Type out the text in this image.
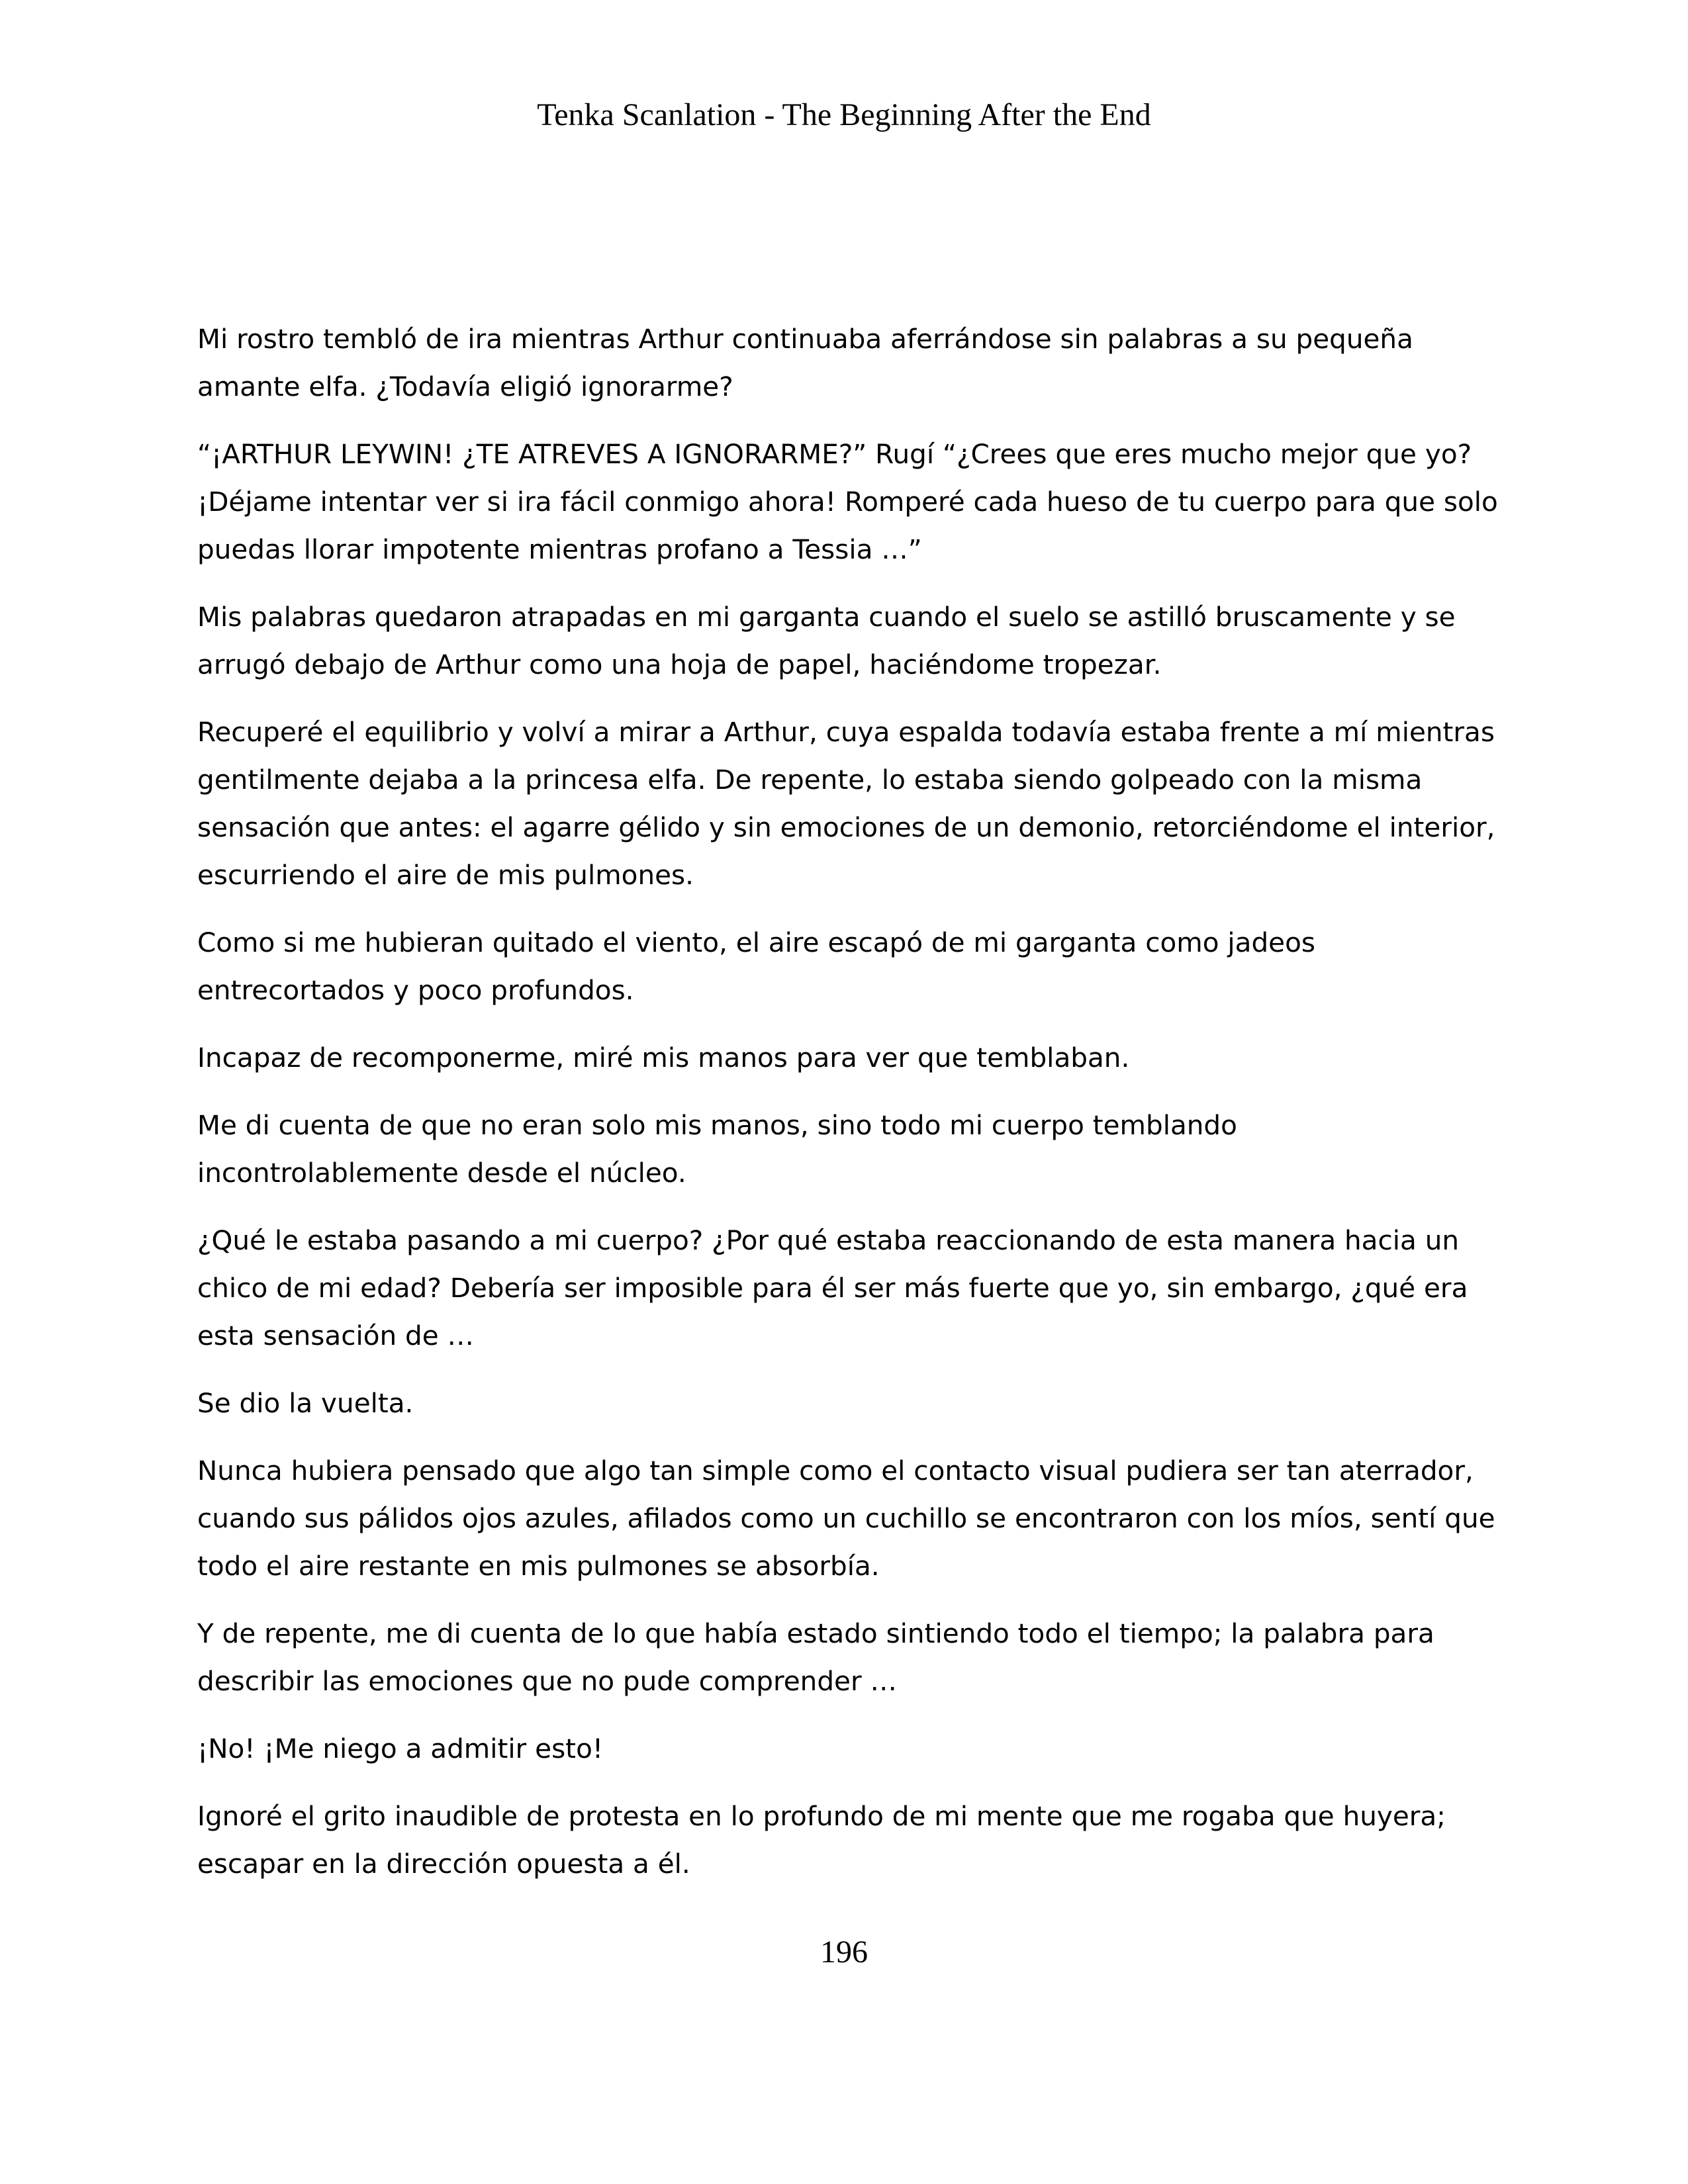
Tenka Scanlation - The Beginning After the End

Mi rostro tembló de ira mientras Arthur continuaba aferrándose sin palabras a su pequeña amante elfa. ¿Todavía eligió ignorarme?

“¡ARTHUR LEYWIN! ¿TE ATREVES A IGNORARME?” Rugí “¿Crees que eres mucho mejor que yo? ¡Déjame intentar ver si ira fácil conmigo ahora! Romperé cada hueso de tu cuerpo para que solo puedas llorar impotente mientras profano a Tessia …”

Mis palabras quedaron atrapadas en mi garganta cuando el suelo se astilló bruscamente y se arrugó debajo de Arthur como una hoja de papel, haciéndome tropezar.

Recuperé el equilibrio y volví a mirar a Arthur, cuya espalda todavía estaba frente a mí mientras gentilmente dejaba a la princesa elfa. De repente, lo estaba siendo golpeado con la misma sensación que antes: el agarre gélido y sin emociones de un demonio, retorciéndome el interior, escurriendo el aire de mis pulmones.

Como si me hubieran quitado el viento, el aire escapó de mi garganta como jadeos entrecortados y poco profundos.

Incapaz de recomponerme, miré mis manos para ver que temblaban.

Me di cuenta de que no eran solo mis manos, sino todo mi cuerpo temblando incontrolablemente desde el núcleo.

¿Qué le estaba pasando a mi cuerpo? ¿Por qué estaba reaccionando de esta manera hacia un chico de mi edad? Debería ser imposible para él ser más fuerte que yo, sin embargo, ¿qué era esta sensación de …

Se dio la vuelta.

Nunca hubiera pensado que algo tan simple como el contacto visual pudiera ser tan aterrador, cuando sus pálidos ojos azules, afilados como un cuchillo se encontraron con los míos, sentí que todo el aire restante en mis pulmones se absorbía.

Y de repente, me di cuenta de lo que había estado sintiendo todo el tiempo; la palabra para describir las emociones que no pude comprender …

¡No! ¡Me niego a admitir esto!

Ignoré el grito inaudible de protesta en lo profundo de mi mente que me rogaba que huyera; escapar en la dirección opuesta a él.

196
